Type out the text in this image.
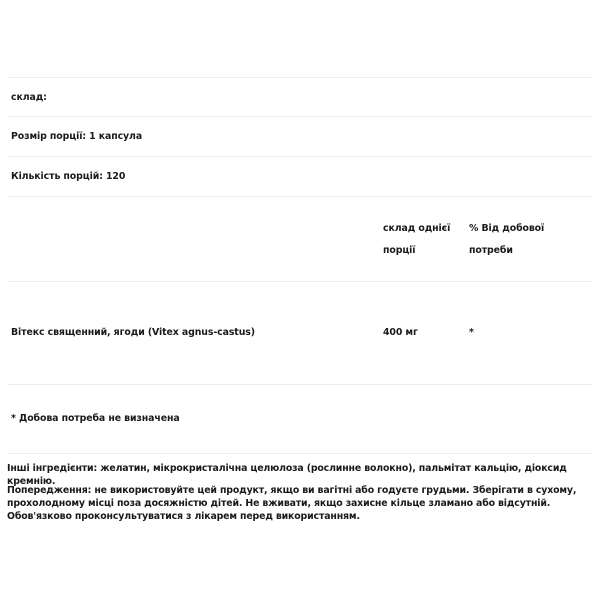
склад:
Розмір порції: 1 капсула
Кількість порцій: 120
склад однієї
порції
% Від добової
потреби
Вітекс священний, ягоди (Vitex agnus-castus)	400 мг	*
* Добова потреба не визначена
Інші інгредієнти: желатин, мікрокристалічна целюлоза (рослинне волокно), пальмітат кальцію, діоксид кремнію.
Попередження: не використовуйте цей продукт, якщо ви вагітні або годуєте грудьми. Зберігати в сухому, прохолодному місці поза досяжністю дітей. Не вживати, якщо захисне кільце зламано або відсутній. Обов'язково проконсультуватися з лікарем перед використанням.
